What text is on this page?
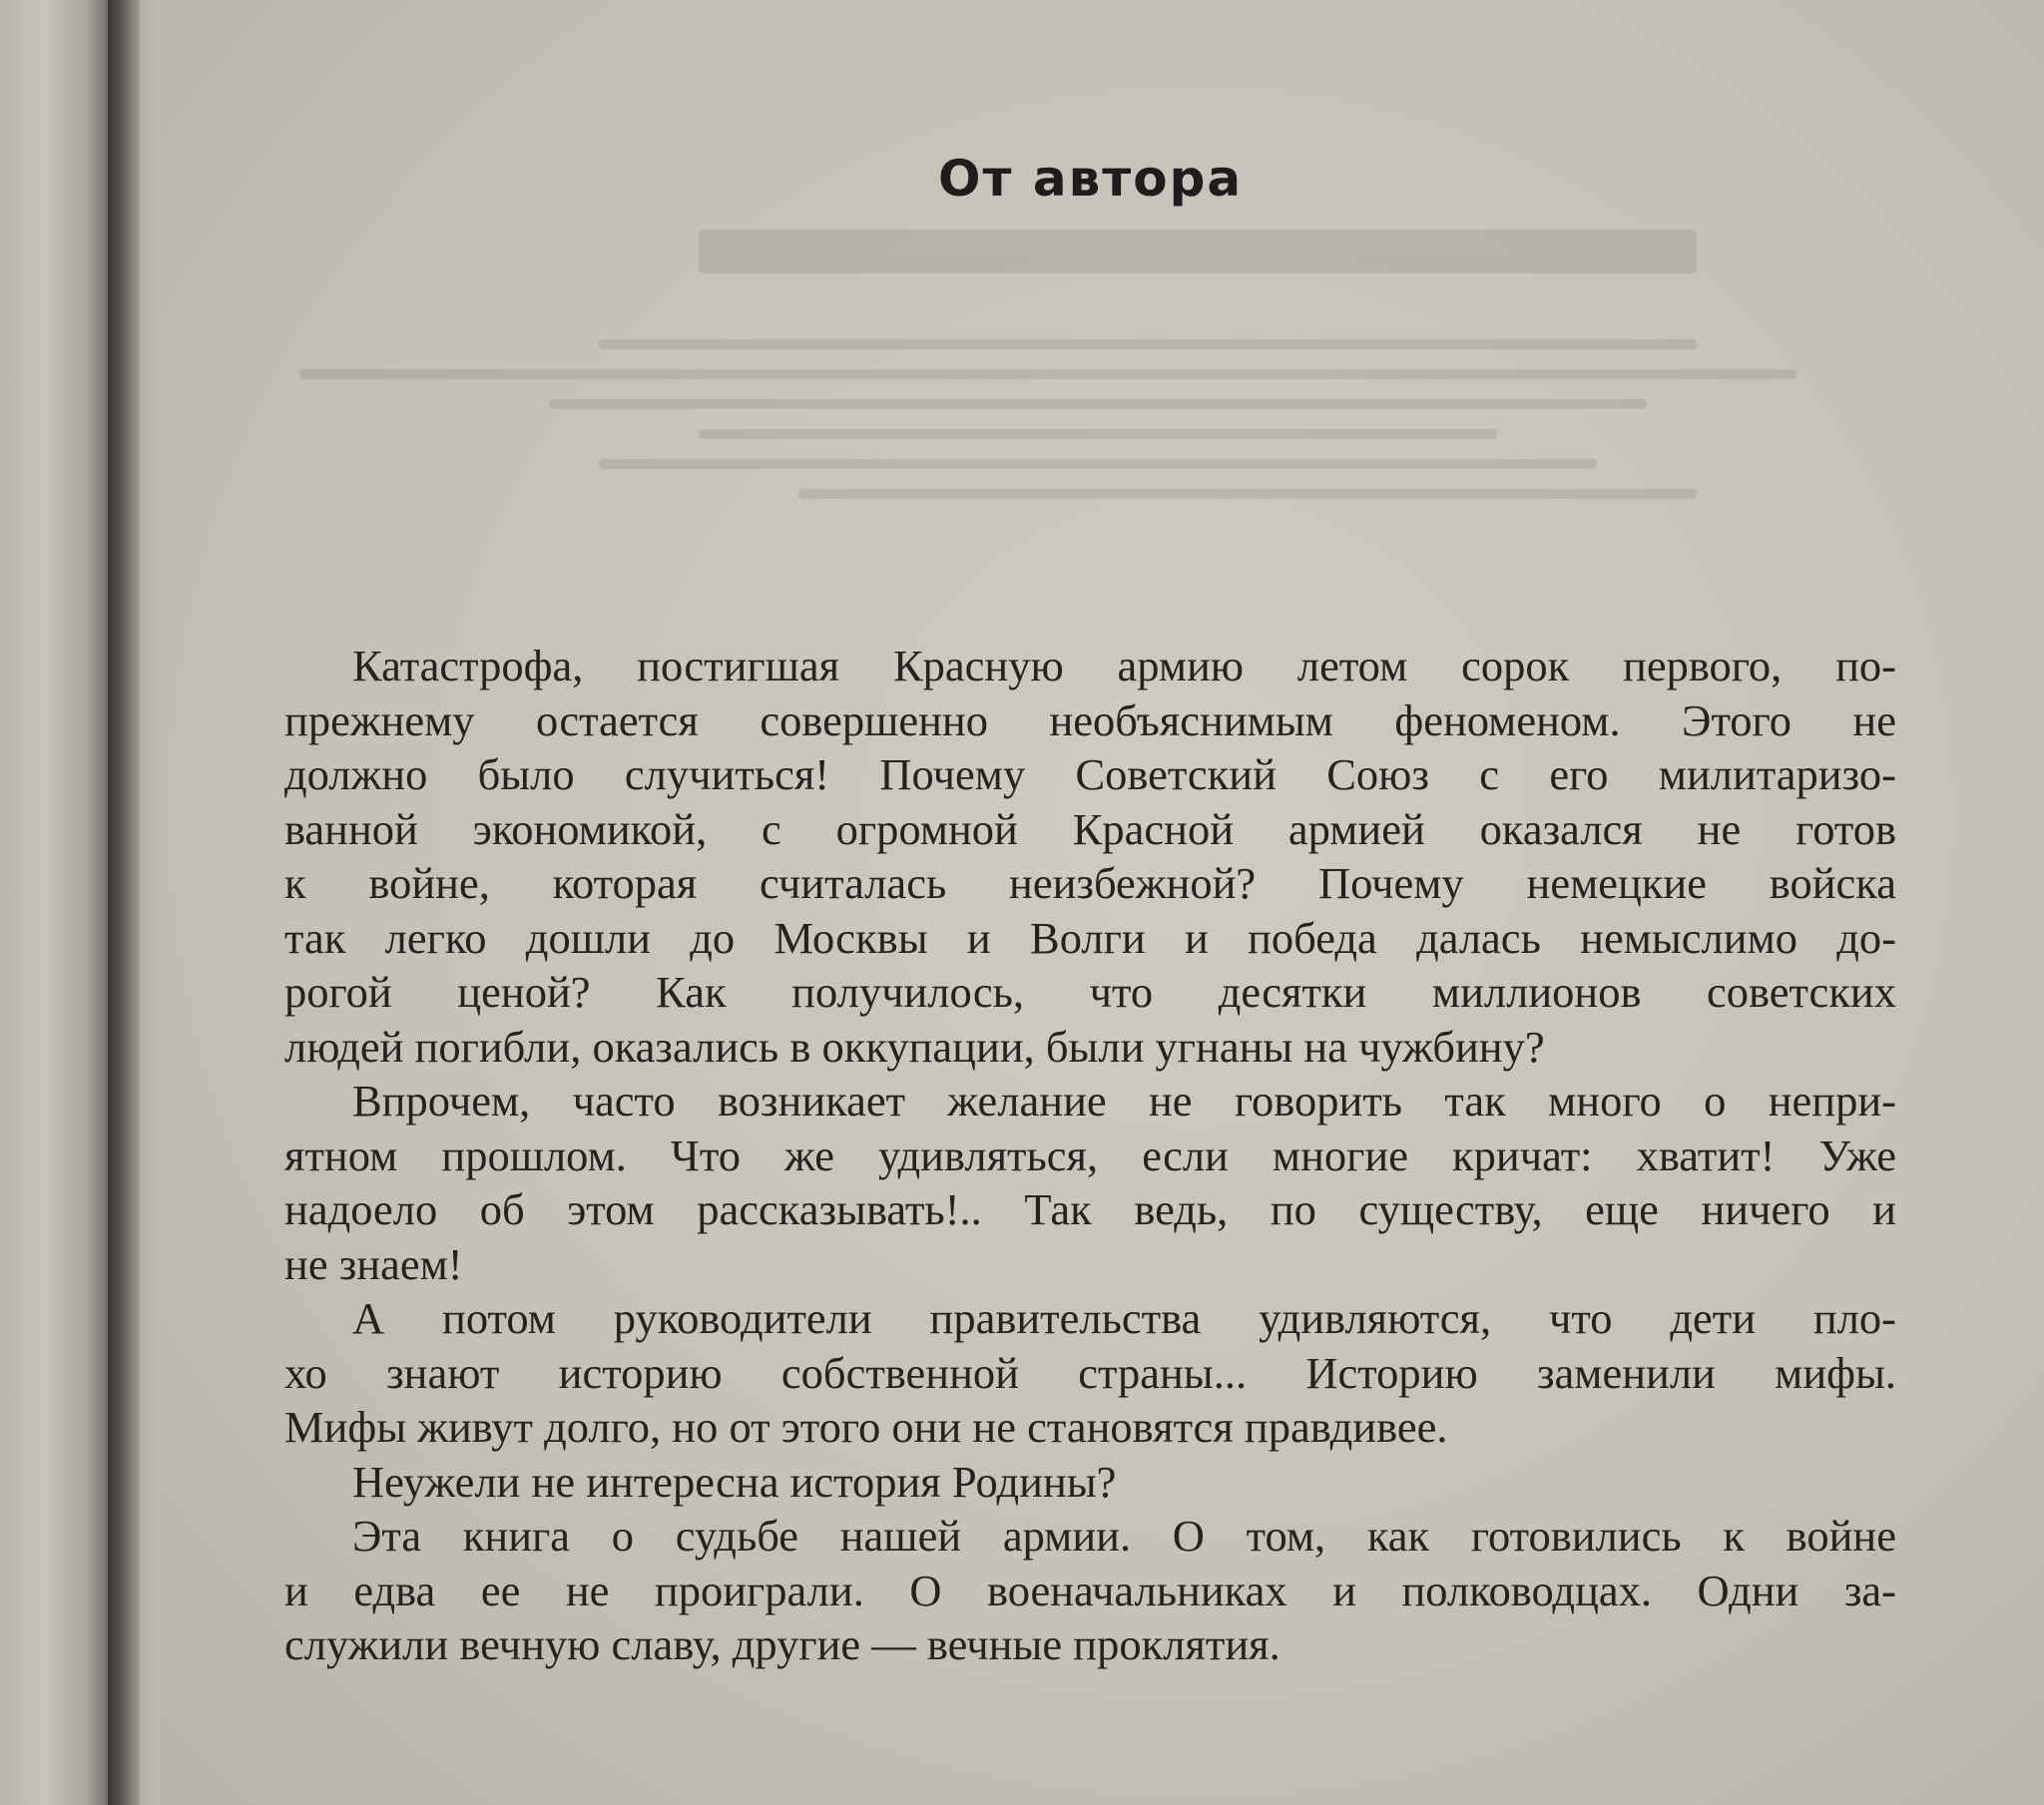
От автора
Катастрофа, постигшая Красную армию летом сорок первого, по-
прежнему остается совершенно необъяснимым феноменом. Этого не
должно было случиться! Почему Советский Союз с его милитаризо-
ванной экономикой, с огромной Красной армией оказался не готов
к войне, которая считалась неизбежной? Почему немецкие войска
так легко дошли до Москвы и Волги и победа далась немыслимо до-
рогой ценой? Как получилось, что десятки миллионов советских
людей погибли, оказались в оккупации, были угнаны на чужбину?
Впрочем, часто возникает желание не говорить так много о непри-
ятном прошлом. Что же удивляться, если многие кричат: хватит! Уже
надоело об этом рассказывать!.. Так ведь, по существу, еще ничего и
не знаем!
А потом руководители правительства удивляются, что дети пло-
хо знают историю собственной страны... Историю заменили мифы.
Мифы живут долго, но от этого они не становятся правдивее.
Неужели не интересна история Родины?
Эта книга о судьбе нашей армии. О том, как готовились к войне
и едва ее не проиграли. О военачальниках и полководцах. Одни за-
служили вечную славу, другие — вечные проклятия.
